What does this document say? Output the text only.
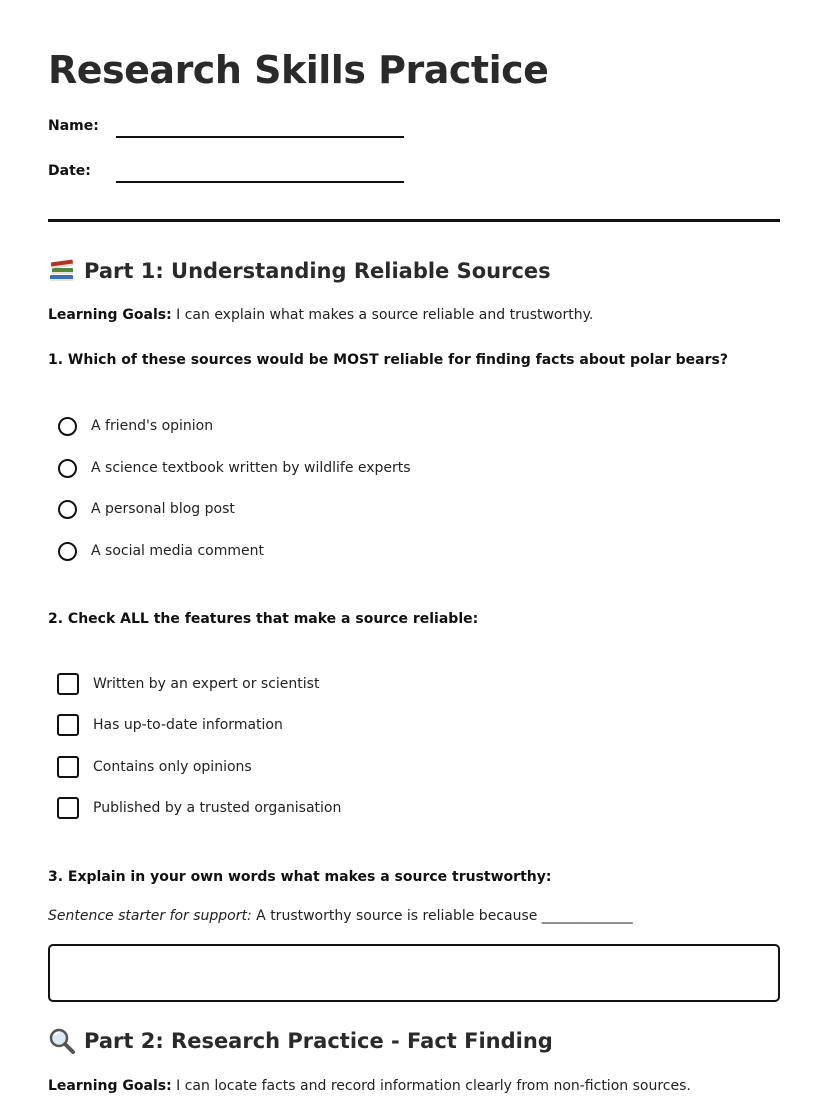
Research Skills Practice
Name:
Date:
Part 1: Understanding Reliable Sources
Learning Goals: I can explain what makes a source reliable and trustworthy.
1. Which of these sources would be MOST reliable for finding facts about polar bears?
A friend's opinion
A science textbook written by wildlife experts
A personal blog post
A social media comment
2. Check ALL the features that make a source reliable:
Written by an expert or scientist
Has up-to-date information
Contains only opinions
Published by a trusted organisation
3. Explain in your own words what makes a source trustworthy:
Sentence starter for support: A trustworthy source is reliable because _____________
Part 2: Research Practice - Fact Finding
Learning Goals: I can locate facts and record information clearly from non-fiction sources.
